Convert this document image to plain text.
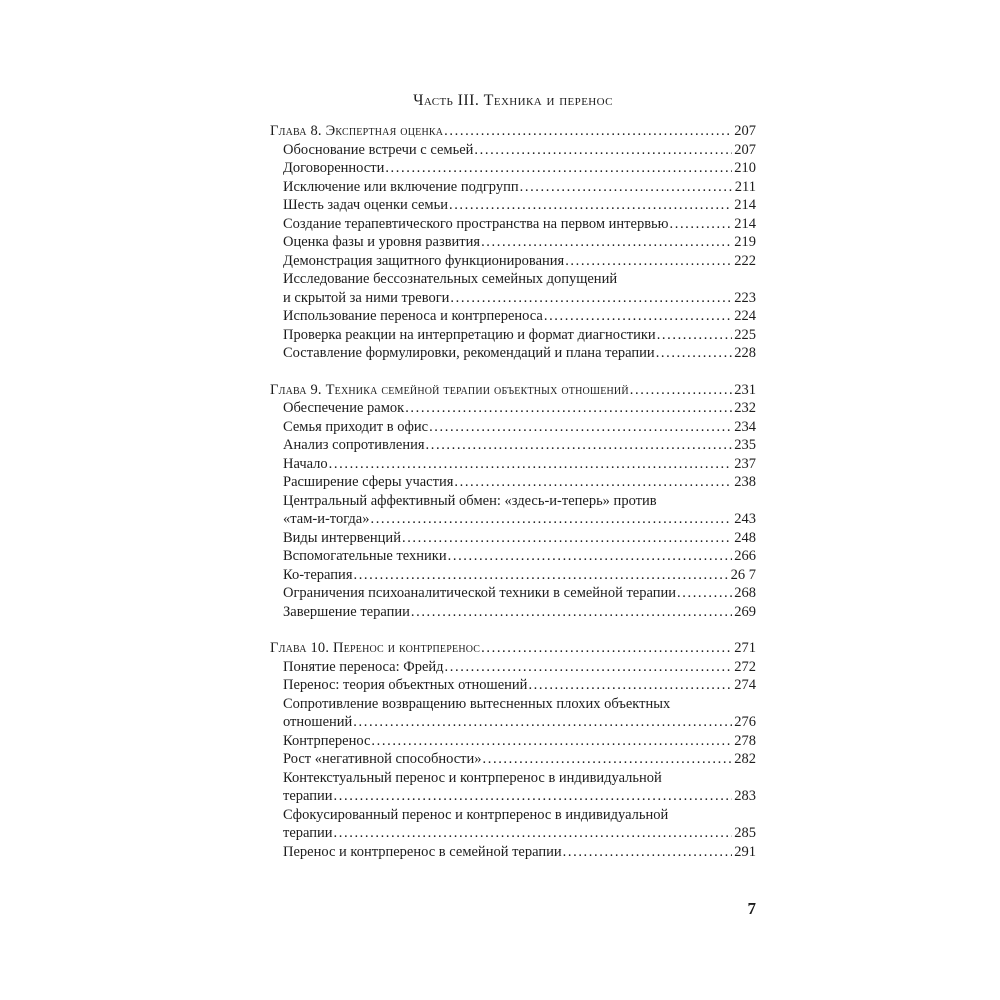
Часть III. Техника и перенос
Глава 8. Экспертная оценка .....	207
Обоснование встречи с семьей .....	207
Договоренности .....	210
Исключение или включение подгрупп .....	211
Шесть задач оценки семьи .....	214
Создание терапевтического пространства на первом интервью .....	214
Оценка фазы и уровня развития .....	219
Демонстрация защитного функционирования .....	222
Исследование бессознательных семейных допущений
и скрытой за ними тревоги .....	223
Использование переноса и контрпереноса .....	224
Проверка реакции на интерпретацию и формат диагностики .....	225
Составление формулировки, рекомендаций и плана терапии .....	228
Глава 9. Техника семейной терапии объектных отношений .....	231
Обеспечение рамок .....	232
Семья приходит в офис .....	234
Анализ сопротивления .....	235
Начало .....	237
Расширение сферы участия .....	238
Центральный аффективный обмен: «здесь-и-теперь» против
«там-и-тогда» .....	243
Виды интервенций .....	248
Вспомогательные техники .....	266
Ко-терапия .....	26 7
Ограничения психоаналитической техники в семейной терапии .....	268
Завершение терапии .....	269
Глава 10. Перенос и контрперенос .....	271
Понятие переноса: Фрейд .....	272
Перенос: теория объектных отношений .....	274
Сопротивление возвращению вытесненных плохих объектных
отношений .....	276
Контрперенос .....	278
Рост «негативной способности» .....	282
Контекстуальный перенос и контрперенос в индивидуальной
терапии .....	283
Сфокусированный перенос и контрперенос в индивидуальной
терапии .....	285
Перенос и контрперенос в семейной терапии .....	291
7
